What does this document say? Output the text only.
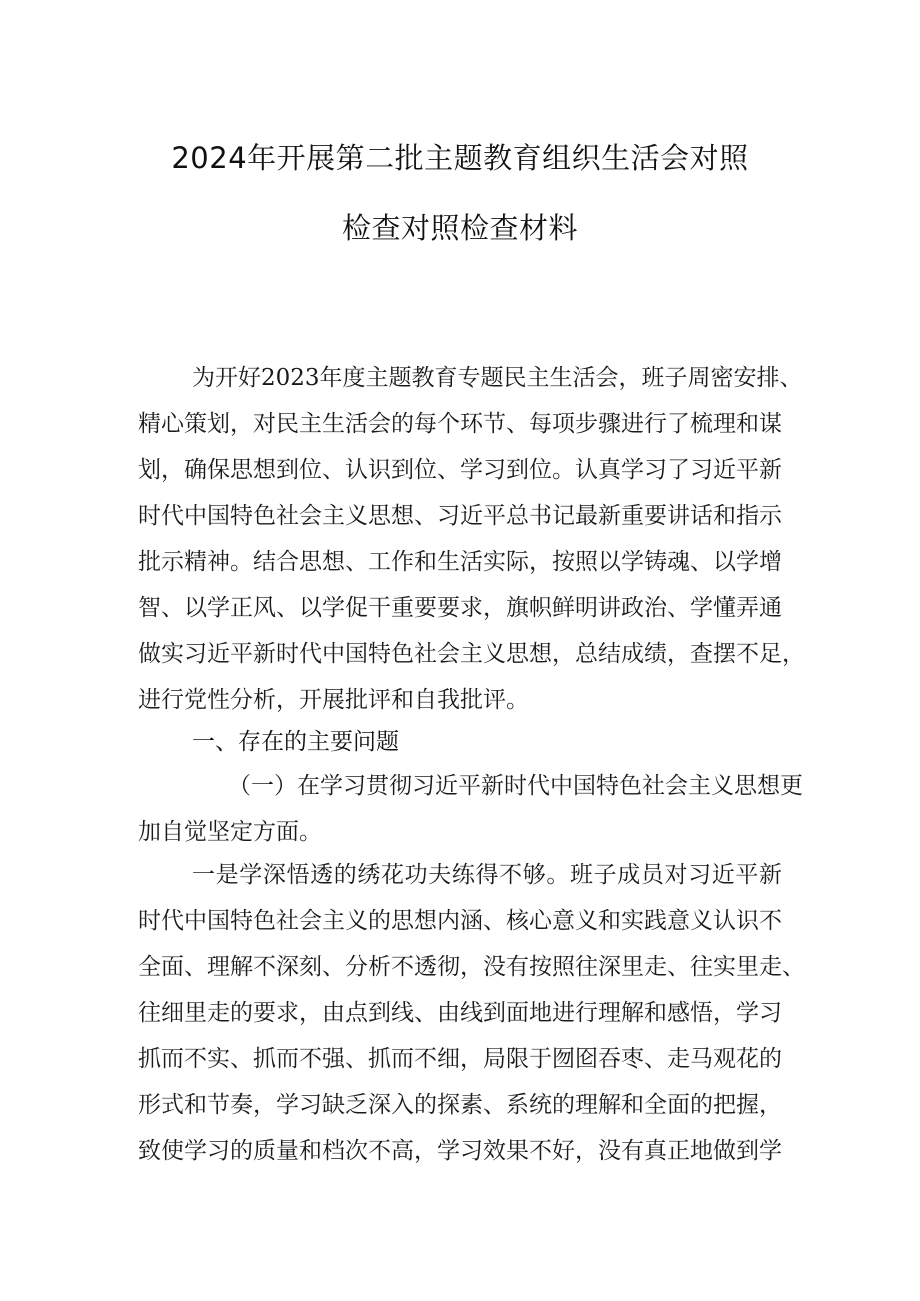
2024年开展第二批主题教育组织生活会对照
检查对照检查材料
为开好2023年度主题教育专题民主生活会，班子周密安排、
精心策划，对民主生活会的每个环节、每项步骤进行了梳理和谋
划，确保思想到位、认识到位、学习到位。认真学习了习近平新
时代中国特色社会主义思想、习近平总书记最新重要讲话和指示
批示精神。结合思想、工作和生活实际，按照以学铸魂、以学增
智、以学正风、以学促干重要要求，旗帜鲜明讲政治、学懂弄通
做实习近平新时代中国特色社会主义思想，总结成绩，查摆不足，
进行党性分析，开展批评和自我批评。
一、存在的主要问题
（一）在学习贯彻习近平新时代中国特色社会主义思想更
加自觉坚定方面。
一是学深悟透的绣花功夫练得不够。班子成员对习近平新
时代中国特色社会主义的思想内涵、核心意义和实践意义认识不
全面、理解不深刻、分析不透彻，没有按照往深里走、往实里走、
往细里走的要求，由点到线、由线到面地进行理解和感悟，学习
抓而不实、抓而不强、抓而不细，局限于囫囵吞枣、走马观花的
形式和节奏，学习缺乏深入的探素、系统的理解和全面的把握，
致使学习的质量和档次不高，学习效果不好，没有真正地做到学
